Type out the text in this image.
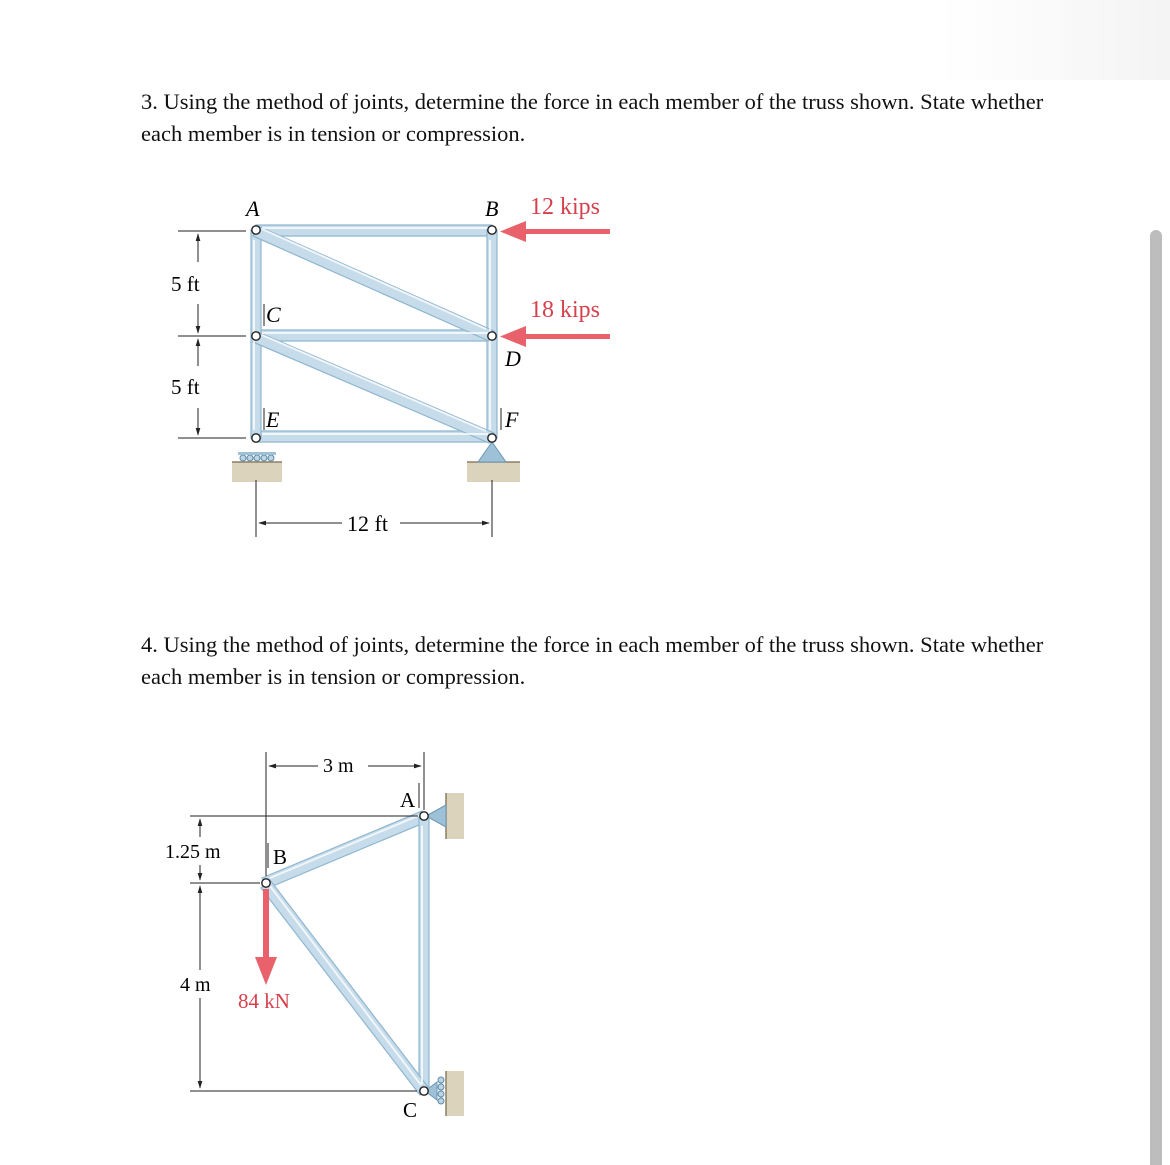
3. Using the method of joints, determine the force in each member of the truss shown. State whether each member is in tension or compression.

4. Using the method of joints, determine the force in each member of the truss shown. State whether each member is in tension or compression.

A	B
C
D
E	F
12 kips
18 kips
5 ft
5 ft
12 ft
A
B
C
84 kN
3 m
1.25 m
4 m
